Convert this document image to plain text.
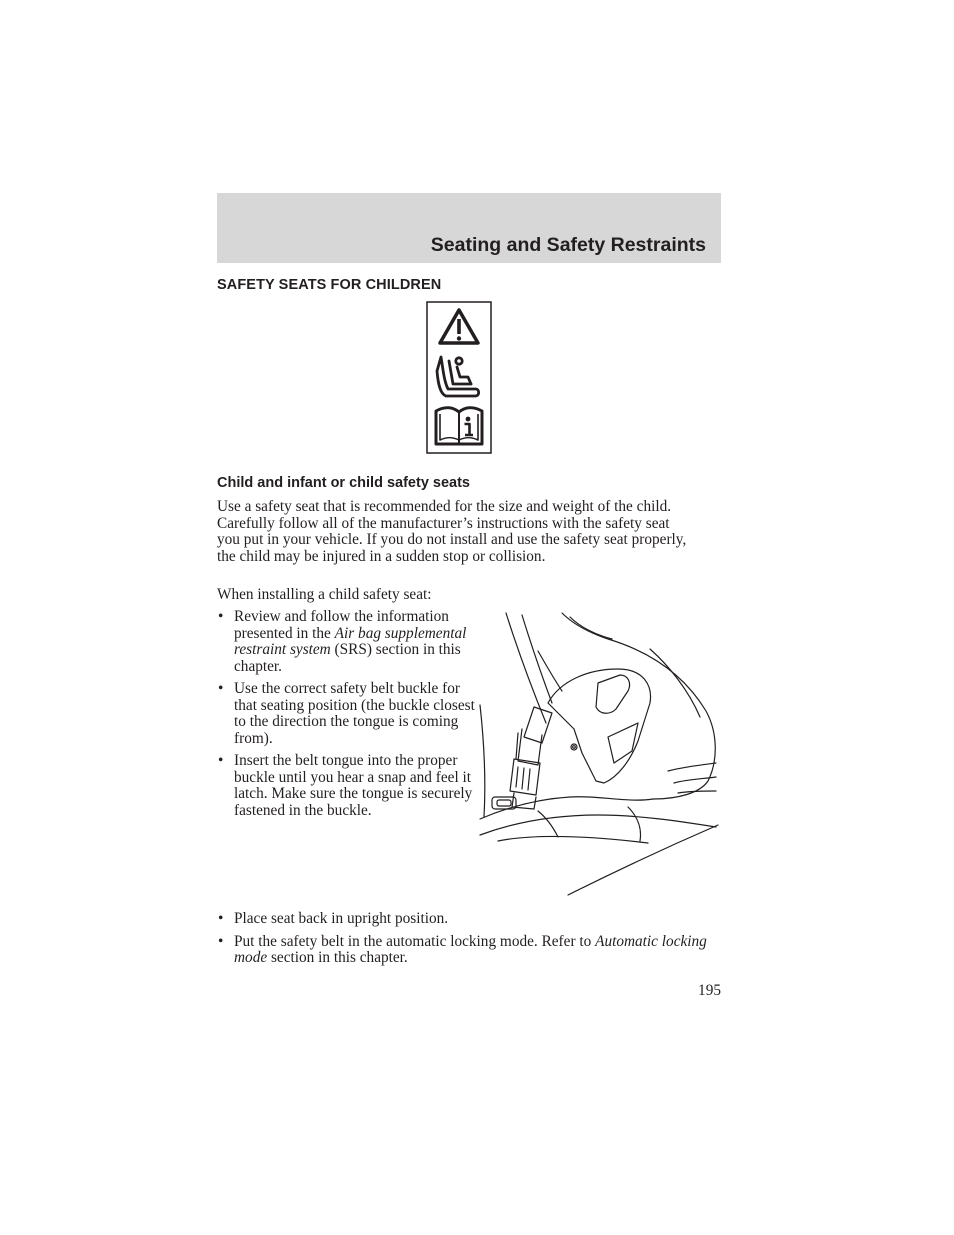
Seating and Safety Restraints
SAFETY SEATS FOR CHILDREN
Child and infant or child safety seats

Use a safety seat that is recommended for the size and weight of the child. Carefully follow all of the manufacturer’s instructions with the safety seat you put in your vehicle. If you do not install and use the safety seat properly, the child may be injured in a sudden stop or collision.

When installing a child safety seat:

• Review and follow the information presented in the Air bag supplemental restraint system (SRS) section in this chapter.
• Use the correct safety belt buckle for that seating position (the buckle closest to the direction the tongue is coming from).
• Insert the belt tongue into the proper buckle until you hear a snap and feel it latch. Make sure the tongue is securely fastened in the buckle.
• Place seat back in upright position.
• Put the safety belt in the automatic locking mode. Refer to Automatic locking mode section in this chapter.

195
